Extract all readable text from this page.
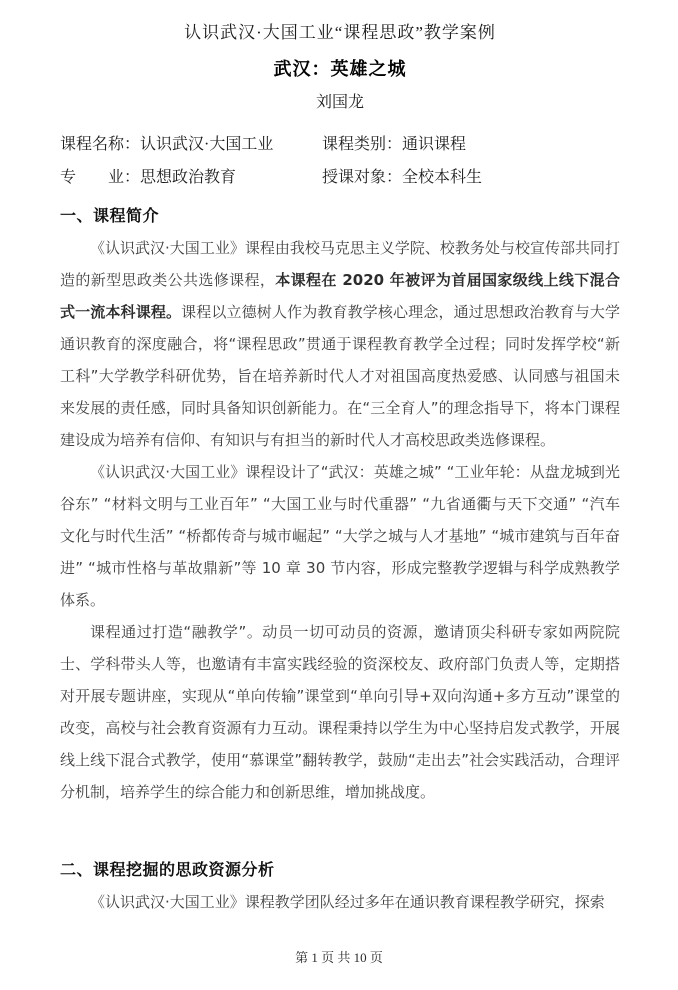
认识武汉·大国工业“课程思政”教学案例
武汉：英雄之城
刘国龙
课程名称：认识武汉·大国工业	课程类别：通识课程
专　　业：思想政治教育	授课对象：全校本科生
一、课程简介

《认识武汉·大国工业》课程由我校马克思主义学院、校教务处与校宣传部共同打造的新型思政类公共选修课程，本课程在 2020 年被评为首届国家级线上线下混合式一流本科课程。课程以立德树人作为教育教学核心理念，通过思想政治教育与大学通识教育的深度融合，将“课程思政”贯通于课程教育教学全过程；同时发挥学校“新工科”大学教学科研优势，旨在培养新时代人才对祖国高度热爱感、认同感与祖国未来发展的责任感，同时具备知识创新能力。在“三全育人”的理念指导下，将本门课程建设成为培养有信仰、有知识与有担当的新时代人才高校思政类选修课程。

《认识武汉·大国工业》课程设计了“武汉：英雄之城” “工业年轮：从盘龙城到光谷东” “材料文明与工业百年” “大国工业与时代重器” “九省通衢与天下交通” “汽车文化与时代生活” “桥都传奇与城市崛起” “大学之城与人才基地” “城市建筑与百年奋进” “城市性格与革故鼎新”等 10 章 30 节内容，形成完整教学逻辑与科学成熟教学体系。

课程通过打造“融教学”。动员一切可动员的资源，邀请顶尖科研专家如两院院士、学科带头人等，也邀请有丰富实践经验的资深校友、政府部门负责人等，定期搭对开展专题讲座，实现从“单向传输”课堂到“单向引导+双向沟通+多方互动”课堂的改变，高校与社会教育资源有力互动。课程秉持以学生为中心坚持启发式教学，开展线上线下混合式教学，使用“慕课堂”翻转教学，鼓励“走出去”社会实践活动，合理评分机制，培养学生的综合能力和创新思维，增加挑战度。

二、课程挖掘的思政资源分析

《认识武汉·大国工业》课程教学团队经过多年在通识教育课程教学研究，探索

第 1 页 共 10 页
